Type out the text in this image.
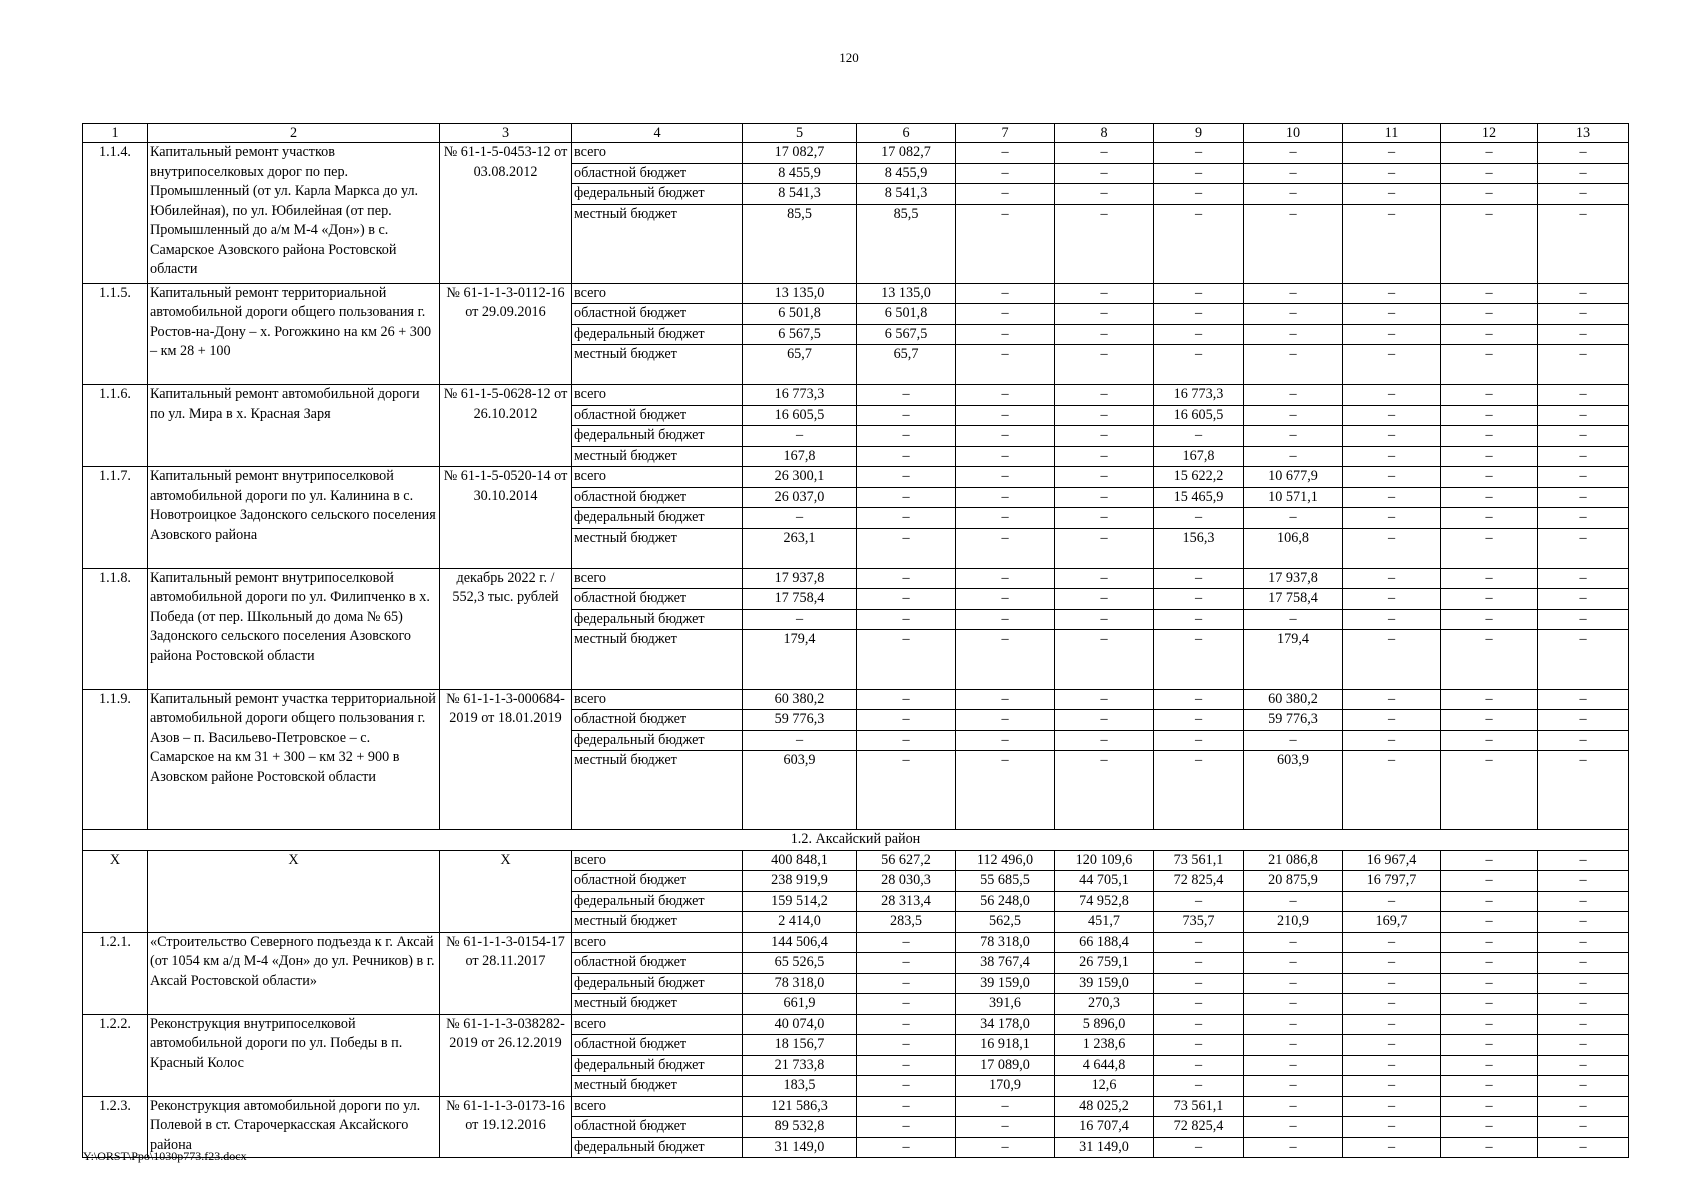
120
1	2	3	4	5	6	7	8	9	10	11	12	13
1.1.4.	Капитальный ремонт участков внутрипоселковых дорог по пер. Промышленный (от ул. Карла Маркса до ул. Юбилейная), по ул. Юбилейная (от пер. Промышленный до а/м М-4 «Дон») в с. Самарское Азовского района Ростовской области	№ 61-1-5-0453-12 от 03.08.2012	всего	17 082,7	17 082,7	–	–	–	–	–	–	–
			областной бюджет	8 455,9	8 455,9	–	–	–	–	–	–	–
			федеральный бюджет	8 541,3	8 541,3	–	–	–	–	–	–	–
			местный бюджет	85,5	85,5	–	–	–	–	–	–	–
1.1.5.	Капитальный ремонт территориальной автомобильной дороги общего пользования г. Ростов-на-Дону – х. Рогожкино на км 26 + 300 – км 28 + 100	№ 61-1-1-3-0112-16 от 29.09.2016	всего	13 135,0	13 135,0	–	–	–	–	–	–	–
			областной бюджет	6 501,8	6 501,8	–	–	–	–	–	–	–
			федеральный бюджет	6 567,5	6 567,5	–	–	–	–	–	–	–
			местный бюджет	65,7	65,7	–	–	–	–	–	–	–
1.1.6.	Капитальный ремонт автомобильной дороги по ул. Мира в х. Красная Заря	№ 61-1-5-0628-12 от 26.10.2012	всего	16 773,3	–	–	–	16 773,3	–	–	–	–
			областной бюджет	16 605,5	–	–	–	16 605,5	–	–	–	–
			федеральный бюджет	–	–	–	–	–	–	–	–	–
			местный бюджет	167,8	–	–	–	167,8	–	–	–	–
1.1.7.	Капитальный ремонт внутрипоселковой автомобильной дороги по ул. Калинина в с. Новотроицкое Задонского сельского поселения Азовского района	№ 61-1-5-0520-14 от 30.10.2014	всего	26 300,1	–	–	–	15 622,2	10 677,9	–	–	–
			областной бюджет	26 037,0	–	–	–	15 465,9	10 571,1	–	–	–
			федеральный бюджет	–	–	–	–	–	–	–	–	–
			местный бюджет	263,1	–	–	–	156,3	106,8	–	–	–
1.1.8.	Капитальный ремонт внутрипоселковой автомобильной дороги по ул. Филипченко в х. Победа (от пер. Школьный до дома № 65) Задонского сельского поселения Азовского района Ростовской области	декабрь 2022 г. / 552,3 тыс. рублей	всего	17 937,8	–	–	–	–	17 937,8	–	–	–
			областной бюджет	17 758,4	–	–	–	–	17 758,4	–	–	–
			федеральный бюджет	–	–	–	–	–	–	–	–	–
			местный бюджет	179,4	–	–	–	–	179,4	–	–	–
1.1.9.	Капитальный ремонт участка территориальной автомобильной дороги общего пользования г. Азов – п. Васильево-Петровское – с. Самарское на км 31 + 300 – км 32 + 900 в Азовском районе Ростовской области	№ 61-1-1-3-000684-2019 от 18.01.2019	всего	60 380,2	–	–	–	–	60 380,2	–	–	–
			областной бюджет	59 776,3	–	–	–	–	59 776,3	–	–	–
			федеральный бюджет	–	–	–	–	–	–	–	–	–
			местный бюджет	603,9	–	–	–	–	603,9	–	–	–
1.2. Аксайский район												
X	X	X	всего	400 848,1	56 627,2	112 496,0	120 109,6	73 561,1	21 086,8	16 967,4	–	–
			областной бюджет	238 919,9	28 030,3	55 685,5	44 705,1	72 825,4	20 875,9	16 797,7	–	–
			федеральный бюджет	159 514,2	28 313,4	56 248,0	74 952,8	–	–	–	–	–
			местный бюджет	2 414,0	283,5	562,5	451,7	735,7	210,9	169,7	–	–
1.2.1.	«Строительство Северного подъезда к г. Аксай (от 1054 км а/д М-4 «Дон» до ул. Речников) в г. Аксай Ростовской области»	№ 61-1-1-3-0154-17 от 28.11.2017	всего	144 506,4	–	78 318,0	66 188,4	–	–	–	–	–
			областной бюджет	65 526,5	–	38 767,4	26 759,1	–	–	–	–	–
			федеральный бюджет	78 318,0	–	39 159,0	39 159,0	–	–	–	–	–
			местный бюджет	661,9	–	391,6	270,3	–	–	–	–	–
1.2.2.	Реконструкция внутрипоселковой автомобильной дороги по ул. Победы в п. Красный Колос	№ 61-1-1-3-038282-2019 от 26.12.2019	всего	40 074,0	–	34 178,0	5 896,0	–	–	–	–	–
			областной бюджет	18 156,7	–	16 918,1	1 238,6	–	–	–	–	–
			федеральный бюджет	21 733,8	–	17 089,0	4 644,8	–	–	–	–	–
			местный бюджет	183,5	–	170,9	12,6	–	–	–	–	–
1.2.3.	Реконструкция автомобильной дороги по ул. Полевой в ст. Старочеркасская Аксайского района	№ 61-1-1-3-0173-16 от 19.12.2016	всего	121 586,3	–	–	48 025,2	73 561,1	–	–	–	–
			областной бюджет	89 532,8	–	–	16 707,4	72 825,4	–	–	–	–
			федеральный бюджет	31 149,0	–	–	31 149,0	–	–	–	–	–
Y:\ORST\Ppo\1030p773.f23.docx
